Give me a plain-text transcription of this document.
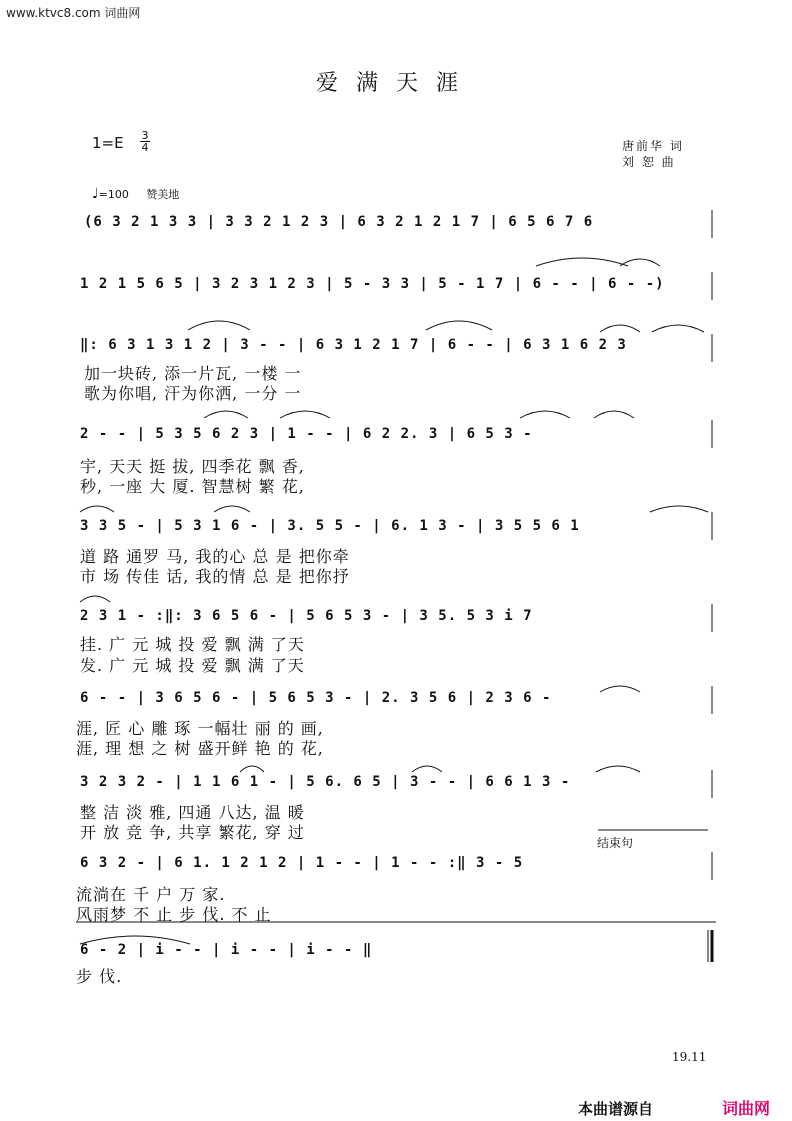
www.ktvc8.com 词曲网
爱满天涯
$1=E \frac{3}{4}$	唐前华 词
刘 恕 曲
♩=100 赞美地
(6 3 2 1 3 3 | 3 3 2 1 2 3 | 6 3 2 1 2 1 7 | 6 5 6 7 6
1 2 1 5 6 5 | 3 2 3 1 2 3 | 5 - 3 3 | 5 - 1 7 | 6 - - | 6 - -)
‖: 6 3 1 3 1 2 | 3 - - | 6 3 1 2 1 7 | 6 - - | 6 3 1 6 2 3
加一块砖, 添一片瓦, 一楼 一
歌为你唱, 汗为你洒, 一分 一
2 - - | 5 3 5 6 2 3 | 1 - - | 6 2 2. 3 | 6 5 3 -
宇, 天天 挺 拔, 四季花 飘 香,
秒, 一座 大 厦. 智慧树 繁 花,
3 3 5 - | 5 3 1 6 - | 3. 5 5 - | 6. 1 3 - | 3 5 5 6 1
道 路 通罗 马, 我的心 总 是 把你牵
市 场 传佳 话, 我的情 总 是 把你抒
2 3 1 - :‖: 3 6 5 6 - | 5 6 5 3 - | 3 5. 5 3 i 7
挂. 广 元 城 投 爱 飘 满 了天
发. 广 元 城 投 爱 飘 满 了天
6 - - | 3 6 5 6 - | 5 6 5 3 - | 2. 3 5 6 | 2 3 6 -
涯, 匠 心 雕 琢 一幅壮 丽 的 画,
涯, 理 想 之 树 盛开鲜 艳 的 花,
3 2 3 2 - | 1 1 6 1 - | 5 6. 6 5 | 3 - - | 6 6 1 3 -
整 洁 淡 雅, 四通 八达, 温 暖
开 放 竞 争, 共享 繁花, 穿 过
结束句
6 3 2 - | 6 1. 1 2 1 2 | 1 - - | 1 - - :‖ 3 - 5
流淌在 千 户 万 家.
风雨梦 不 止 步 伐. 不 止
6 - 2 | i - - | i - - | i - - ‖
步 伐.
19.11
本曲谱源自	词曲网
